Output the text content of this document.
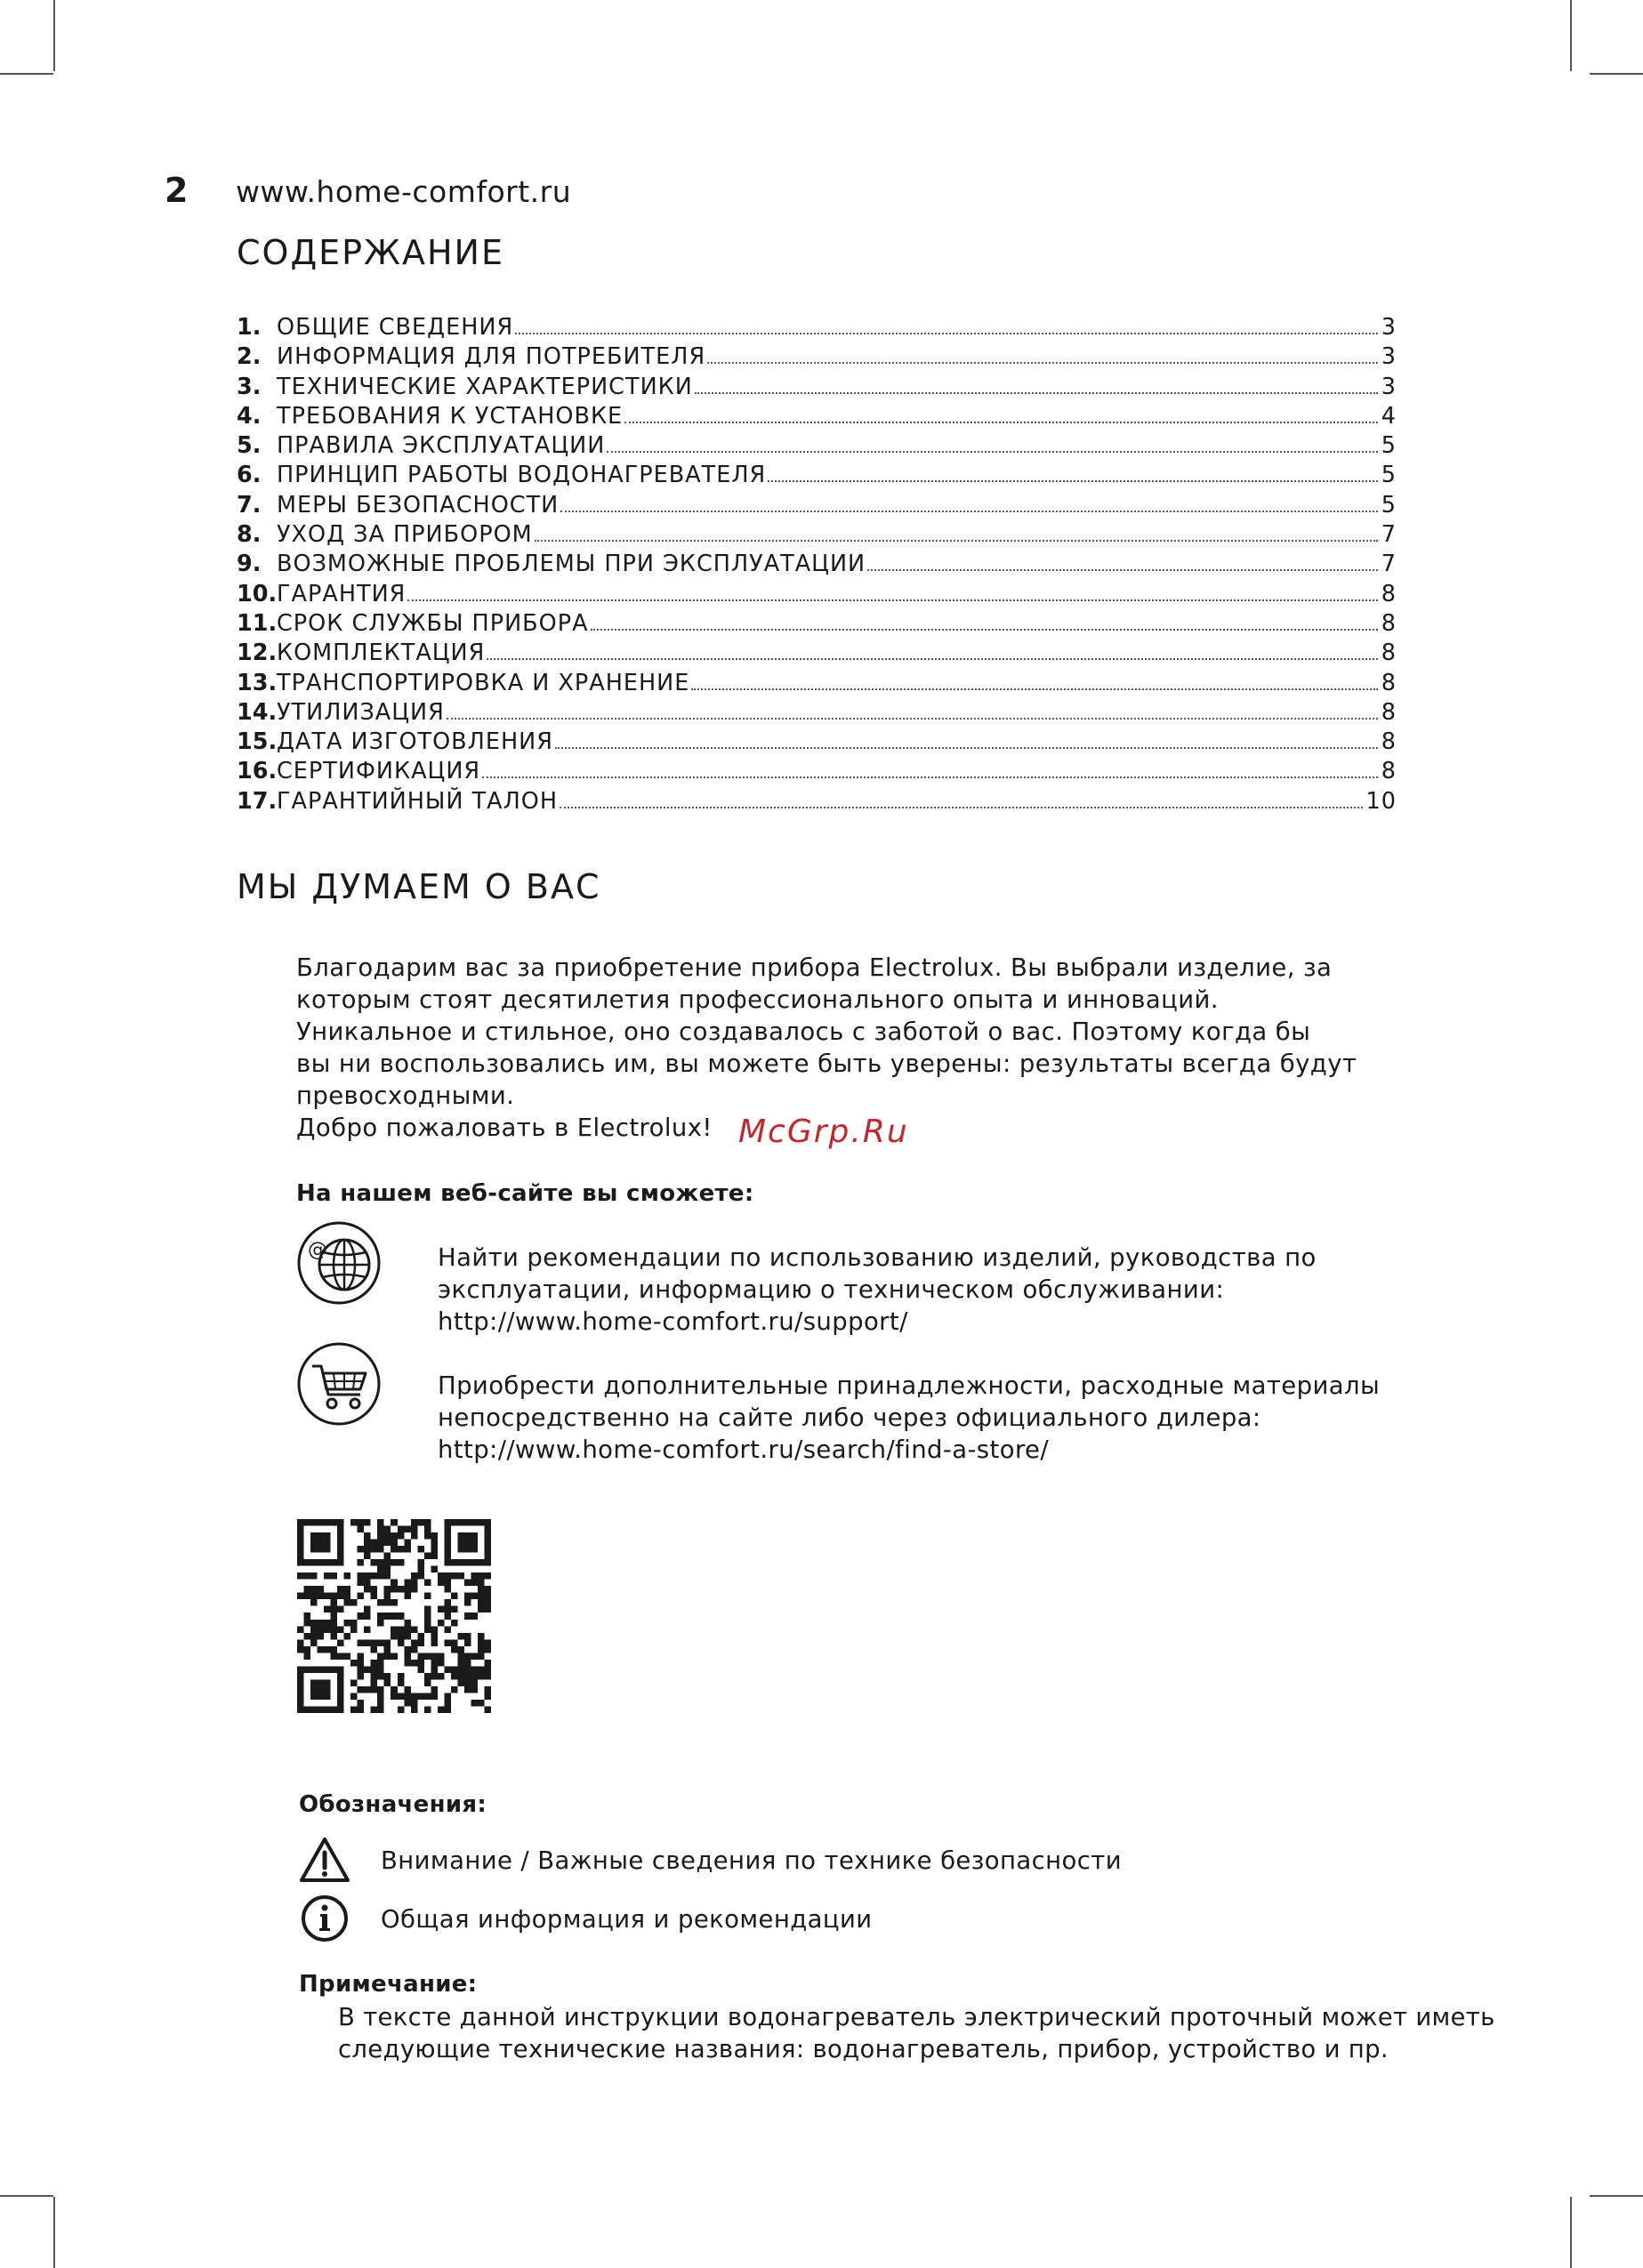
2	www.home-comfort.ru
СОДЕРЖАНИЕ
1. ОБЩИЕ СВЕДЕНИЯ	3
2. ИНФОРМАЦИЯ ДЛЯ ПОТРЕБИТЕЛЯ	3
3. ТЕХНИЧЕСКИЕ ХАРАКТЕРИСТИКИ	3
4. ТРЕБОВАНИЯ К УСТАНОВКЕ	4
5. ПРАВИЛА ЭКСПЛУАТАЦИИ	5
6. ПРИНЦИП РАБОТЫ ВОДОНАГРЕВАТЕЛЯ	5
7. МЕРЫ БЕЗОПАСНОСТИ	5
8. УХОД ЗА ПРИБОРОМ	7
9. ВОЗМОЖНЫЕ ПРОБЛЕМЫ ПРИ ЭКСПЛУАТАЦИИ	7
10. ГАРАНТИЯ	8
11. СРОК СЛУЖБЫ ПРИБОРА	8
12. КОМПЛЕКТАЦИЯ	8
13. ТРАНСПОРТИРОВКА И ХРАНЕНИЕ	8
14. УТИЛИЗАЦИЯ	8
15. ДАТА ИЗГОТОВЛЕНИЯ	8
16. СЕРТИФИКАЦИЯ	8
17. ГАРАНТИЙНЫЙ ТАЛОН	10
МЫ ДУМАЕМ О ВАС
Благодарим вас за приобретение прибора Electrolux. Вы выбрали изделие, за
которым стоят десятилетия профессионального опыта и инноваций.
Уникальное и стильное, оно создавалось с заботой о вас. Поэтому когда бы
вы ни воспользовались им, вы можете быть уверены: результаты всегда будут
превосходными.
Добро пожаловать в Electrolux! McGrp.Ru
На нашем веб-сайте вы сможете:
@	Найти рекомендации по использованию изделий, руководства по
эксплуатации, информацию о техническом обслуживании:
http://www.home-comfort.ru/support/
Приобрести дополнительные принадлежности, расходные материалы
непосредственно на сайте либо через официального дилера:
http://www.home-comfort.ru/search/find-a-store/
Обозначения:
Внимание / Важные сведения по технике безопасности
Общая информация и рекомендации
Примечание:
В тексте данной инструкции водонагреватель электрический проточный может иметь
следующие технические названия: водонагреватель, прибор, устройство и пр.
